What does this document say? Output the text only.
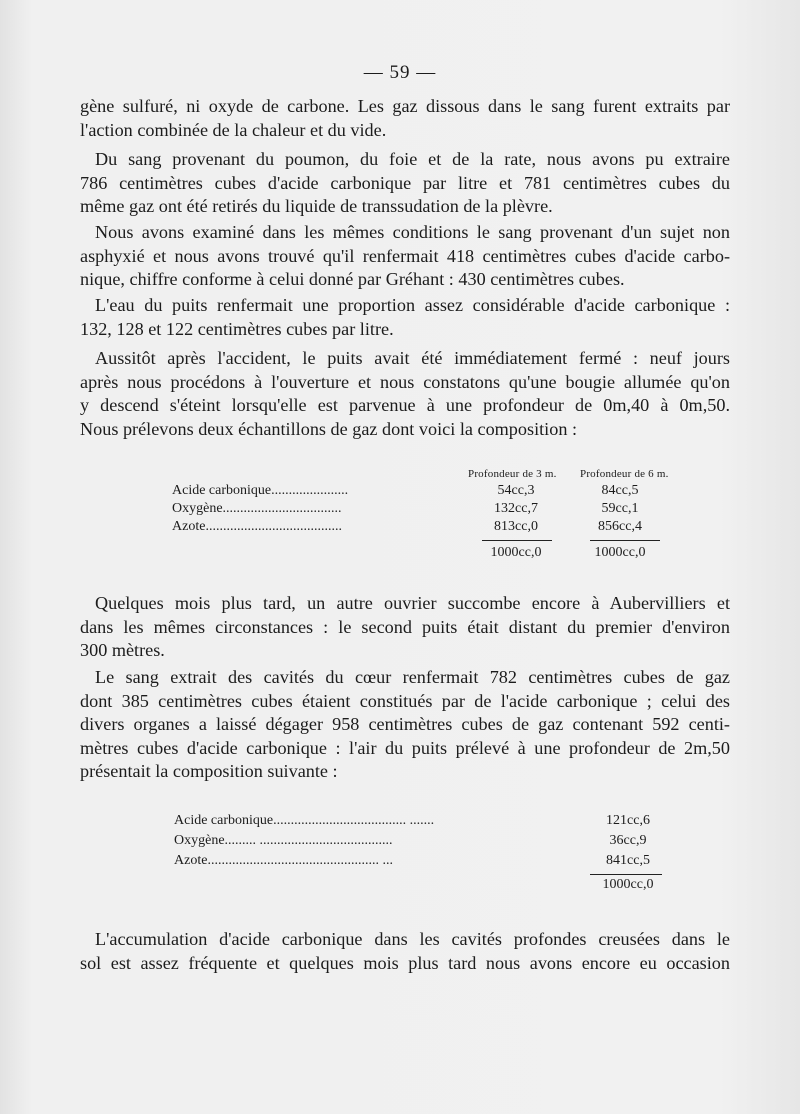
— 59 —
gène sulfuré, ni oxyde de carbone. Les gaz dissous dans le sang furent extraits par
l'action combinée de la chaleur et du vide.
Du sang provenant du poumon, du foie et de la rate, nous avons pu extraire
786 centimètres cubes d'acide carbonique par litre et 781 centimètres cubes du
même gaz ont été retirés du liquide de transsudation de la plèvre.
Nous avons examiné dans les mêmes conditions le sang provenant d'un sujet non
asphyxié et nous avons trouvé qu'il renfermait 418 centimètres cubes d'acide carbo-
nique, chiffre conforme à celui donné par Gréhant : 430 centimètres cubes.
L'eau du puits renfermait une proportion assez considérable d'acide carbonique :
132, 128 et 122 centimètres cubes par litre.
Aussitôt après l'accident, le puits avait été immédiatement fermé : neuf jours
après nous procédons à l'ouverture et nous constatons qu'une bougie allumée qu'on
y descend s'éteint lorsqu'elle est parvenue à une profondeur de 0m,40 à 0m,50.
Nous prélevons deux échantillons de gaz dont voici la composition :
Profondeur de 3 m. Profondeur de 6 m.
Acide carbonique......................	54cc,3	84cc,5
Oxygène..................................	132cc,7	59cc,1
Azote.......................................	813cc,0	856cc,4
1000cc,0	1000cc,0
Quelques mois plus tard, un autre ouvrier succombe encore à Aubervilliers et
dans les mêmes circonstances : le second puits était distant du premier d'environ
300 mètres.
Le sang extrait des cavités du cœur renfermait 782 centimètres cubes de gaz
dont 385 centimètres cubes étaient constitués par de l'acide carbonique ; celui des
divers organes a laissé dégager 958 centimètres cubes de gaz contenant 592 centi-
mètres cubes d'acide carbonique : l'air du puits prélevé à une profondeur de 2m,50
présentait la composition suivante :
Acide carbonique...................................... .......	121cc,6
Oxygène......... ......................................	36cc,9
Azote................................................. ...	841cc,5
1000cc,0
L'accumulation d'acide carbonique dans les cavités profondes creusées dans le
sol est assez fréquente et quelques mois plus tard nous avons encore eu occasion
